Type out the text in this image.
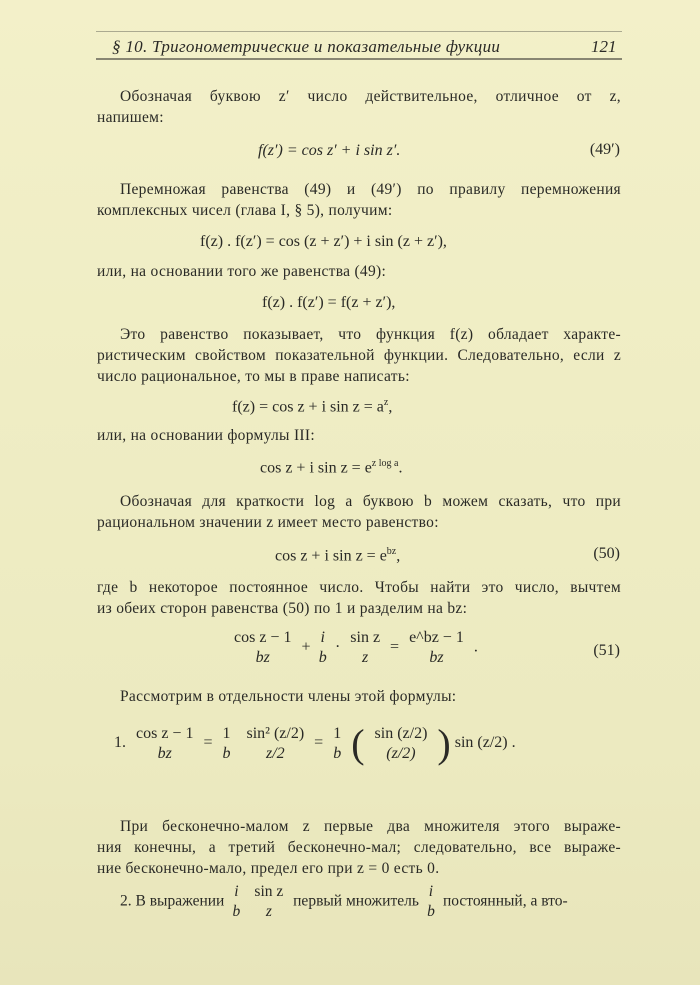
§ 10. Тригонометрические и показательные фукции	121
Обозначая буквою z′ число действительное, отличное от z,
напишем:
f(z′) = cos z′ + i sin z′.	(49′)
Перемножая равенства (49) и (49′) по правилу перемножения
комплексных чисел (глава I, § 5), получим:
f(z) . f(z′) = cos (z + z′) + i sin (z + z′),
или, на основании того же равенства (49):
f(z) . f(z′) = f(z + z′),
Это равенство показывает, что функция f(z) обладает характе-
ристическим свойством показательной функции. Следовательно, если z
число рациональное, то мы в праве написать:
f(z) = cos z + i $\sin z = a^z$,
или, на основании формулы III:
cos z + i $\sin z = e^{z log a}$.
Обозначая для краткости log a буквою b можем сказать, что при
рациональном значении z имеет место равенство:
cos z + i $\sin z = e^{bz}$,	(50)
где b некоторое постоянное число. Чтобы найти это число, вычтем
из обеих сторон равенства (50) по 1 и разделим на bz:
cos z − 1
bz
+
i
b
·
sin z
z
=
e^bz − 1
bz
.	(51)
Рассмотрим в отдельности члены этой формулы:
1.
cos z − 1
bz
=
1
b

sin² (z/2)
z/2
=
1
b ( sin (z/2)
(z/2) ) sin (z/2) .
При бесконечно-малом z первые два множителя этого выраже-
ния конечны, а третий бесконечно-мал; следовательно, все выраже-
ние бесконечно-мало, предел его при z = 0 есть 0.
2. В выражении
i
b

sin z
z
первый множитель
i
b
постоянный, а вто-
